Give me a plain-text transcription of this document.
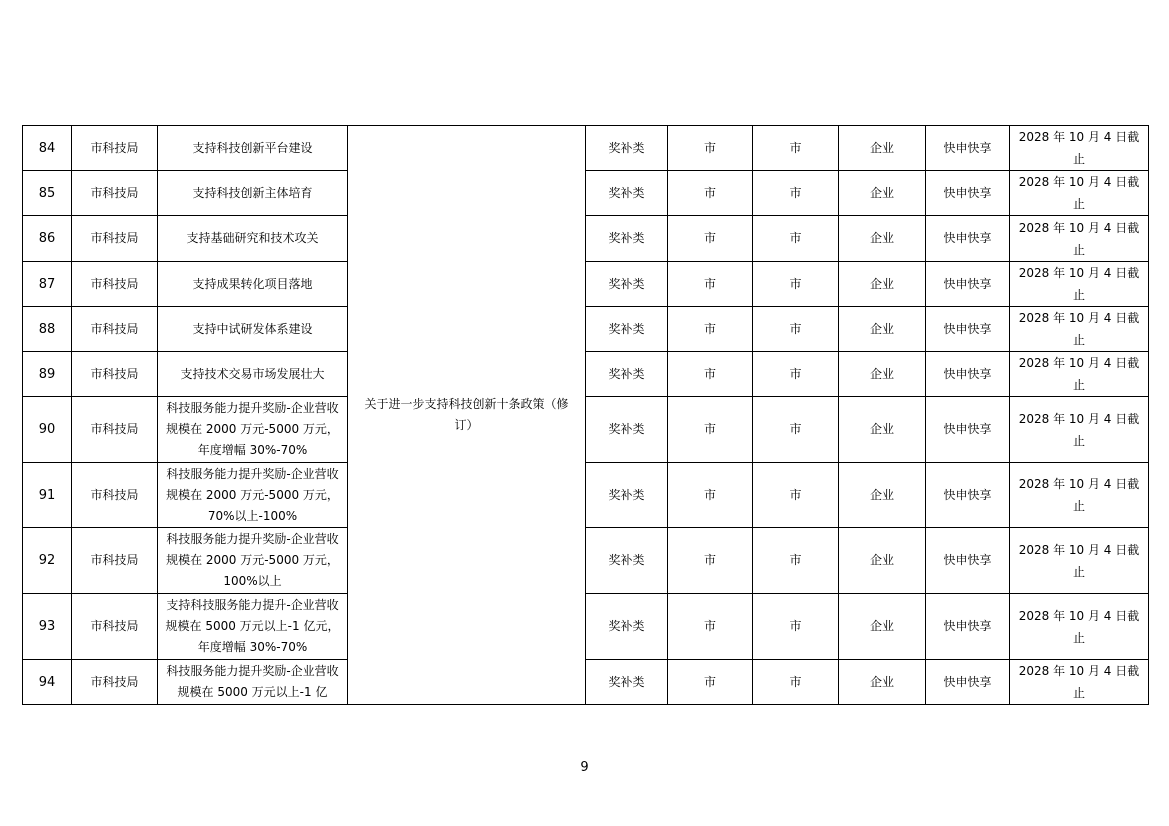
84	市科技局	支持科技创新平台建设	关于进一步支持科技创新十条政策（修订）	奖补类	市	市	企业	快申快享	2028 年 10 月 4 日截止
85	市科技局	支持科技创新主体培育		奖补类	市	市	企业	快申快享	2028 年 10 月 4 日截止
86	市科技局	支持基础研究和技术攻关		奖补类	市	市	企业	快申快享	2028 年 10 月 4 日截止
87	市科技局	支持成果转化项目落地		奖补类	市	市	企业	快申快享	2028 年 10 月 4 日截止
88	市科技局	支持中试研发体系建设		奖补类	市	市	企业	快申快享	2028 年 10 月 4 日截止
89	市科技局	支持技术交易市场发展壮大		奖补类	市	市	企业	快申快享	2028 年 10 月 4 日截止
90	市科技局	科技服务能力提升奖励-企业营收规模在 2000 万元-5000 万元，年度增幅 30%-70%		奖补类	市	市	企业	快申快享	2028 年 10 月 4 日截止
91	市科技局	科技服务能力提升奖励-企业营收规模在 2000 万元-5000 万元，70%以上-100%		奖补类	市	市	企业	快申快享	2028 年 10 月 4 日截止
92	市科技局	科技服务能力提升奖励-企业营收规模在 2000 万元-5000 万元，100%以上		奖补类	市	市	企业	快申快享	2028 年 10 月 4 日截止
93	市科技局	支持科技服务能力提升-企业营收规模在 5000 万元以上-1 亿元，年度增幅 30%-70%		奖补类	市	市	企业	快申快享	2028 年 10 月 4 日截止
94	市科技局	科技服务能力提升奖励-企业营收规模在 5000 万元以上-1 亿		奖补类	市	市	企业	快申快享	2028 年 10 月 4 日截止
9
